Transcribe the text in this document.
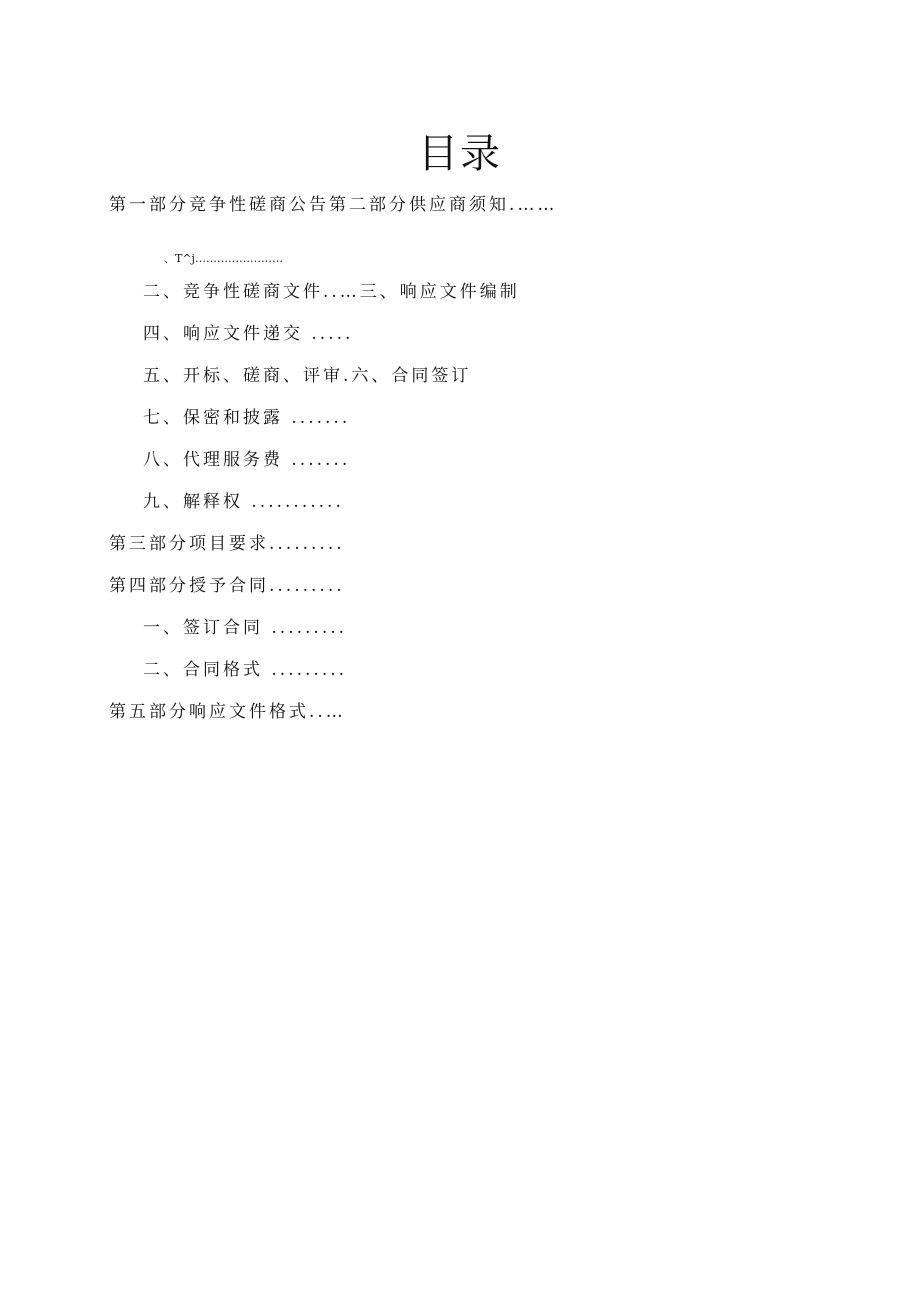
目录
第一部分竞争性磋商公告第二部分供应商须知.……
、T^j……………………
二、竞争性磋商文件..…三、响应文件编制
四、响应文件递交 .....
五、开标、磋商、评审.六、合同签订
七、保密和披露 .......
八、代理服务费 .......
九、解释权 ...........
第三部分项目要求.........
第四部分授予合同.........
一、签订合同 .........
二、合同格式 .........
第五部分响应文件格式..…
